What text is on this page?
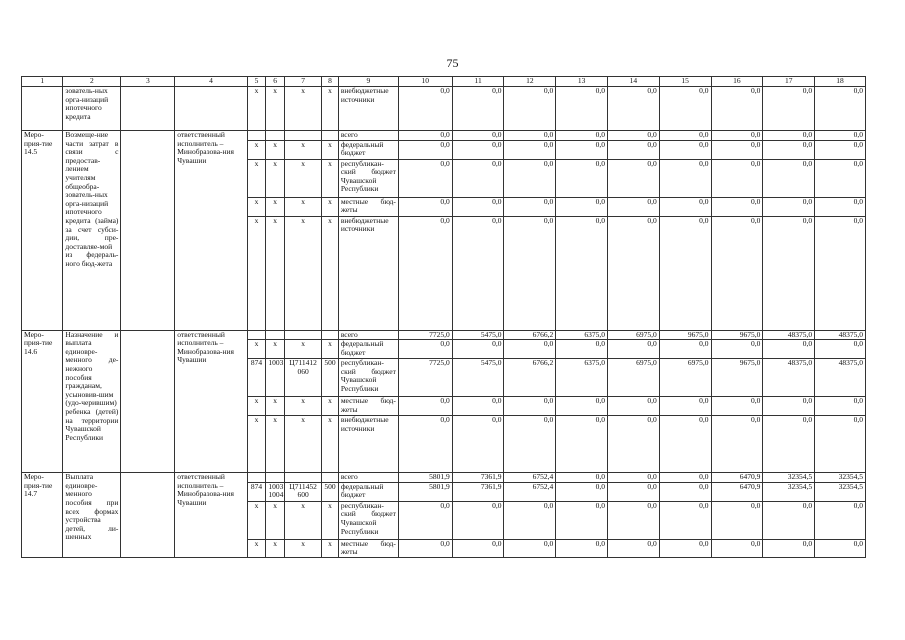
75
1	2	3	4	5	6	7	8	9	10	11	12	13	14	15	16	17	18
	зователь-ных орга-низаций ипотечного кредита			x	x	x	x	внебюджетные источники	0,0	0,0	0,0	0,0	0,0	0,0	0,0	0,0	0,0
Меро-прия-тие 14.5	Возмеще-ние части затрат в связи с предостав-лением учителям общеобра-зователь-ных орга-низаций ипотечного кредита (займа) за счет субси-дии, пре-доставляе-мой из федераль-ного бюд-жета		ответственный исполнитель – Минобразова-ния Чувашии					всего	0,0	0,0	0,0	0,0	0,0	0,0	0,0	0,0	0,0
				x	x	x	x	федеральный бюджет	0,0	0,0	0,0	0,0	0,0	0,0	0,0	0,0	0,0
				x	x	x	x	республикан-ский бюджет Чувашской Республики	0,0	0,0	0,0	0,0	0,0	0,0	0,0	0,0	0,0
				x	x	x	x	местные бюд-жеты	0,0	0,0	0,0	0,0	0,0	0,0	0,0	0,0	0,0
				x	x	x	x	внебюджетные источники	0,0	0,0	0,0	0,0	0,0	0,0	0,0	0,0	0,0
Меро-прия-тие 14.6	Назначение и выплата единовре-менного де-нежного пособия гражданам, усыновив-шим (удо-черившим) ребенка (детей) на территории Чувашской Республики		ответственный исполнитель – Минобразова-ния Чувашии					всего	7725,0	5475,0	6766,2	6375,0	6975,0	9675,0	9675,0	48375,0	48375,0
				x	x	x	x	федеральный бюджет	0,0	0,0	0,0	0,0	0,0	0,0	0,0	0,0	0,0
				874	1003	Ц711412 060	500	республикан-ский бюджет Чувашской Республики	7725,0	5475,0	6766,2	6375,0	6975,0	6975,0	9675,0	48375,0	48375,0
				x	x	x	x	местные бюд-жеты	0,0	0,0	0,0	0,0	0,0	0,0	0,0	0,0	0,0
				x	x	x	x	внебюджетные источники	0,0	0,0	0,0	0,0	0,0	0,0	0,0	0,0	0,0
Меро-прия-тие 14.7	Выплата единовре-менного пособия при всех формах устройства детей, ли-шенных		ответственный исполнитель – Минобразова-ния Чувашии					всего	5801,9	7361,9	6752,4	0,0	0,0	0,0	6470,9	32354,5	32354,5
				874	1003 1004	Ц711452 600	500	федеральный бюджет	5801,9	7361,9	6752,4	0,0	0,0	0,0	6470,9	32354,5	32354,5
				x	x	x	x	республикан-ский бюджет Чувашской Республики	0,0	0,0	0,0	0,0	0,0	0,0	0,0	0,0	0,0
				x	x	x	x	местные бюд-жеты	0,0	0,0	0,0	0,0	0,0	0,0	0,0	0,0	0,0
